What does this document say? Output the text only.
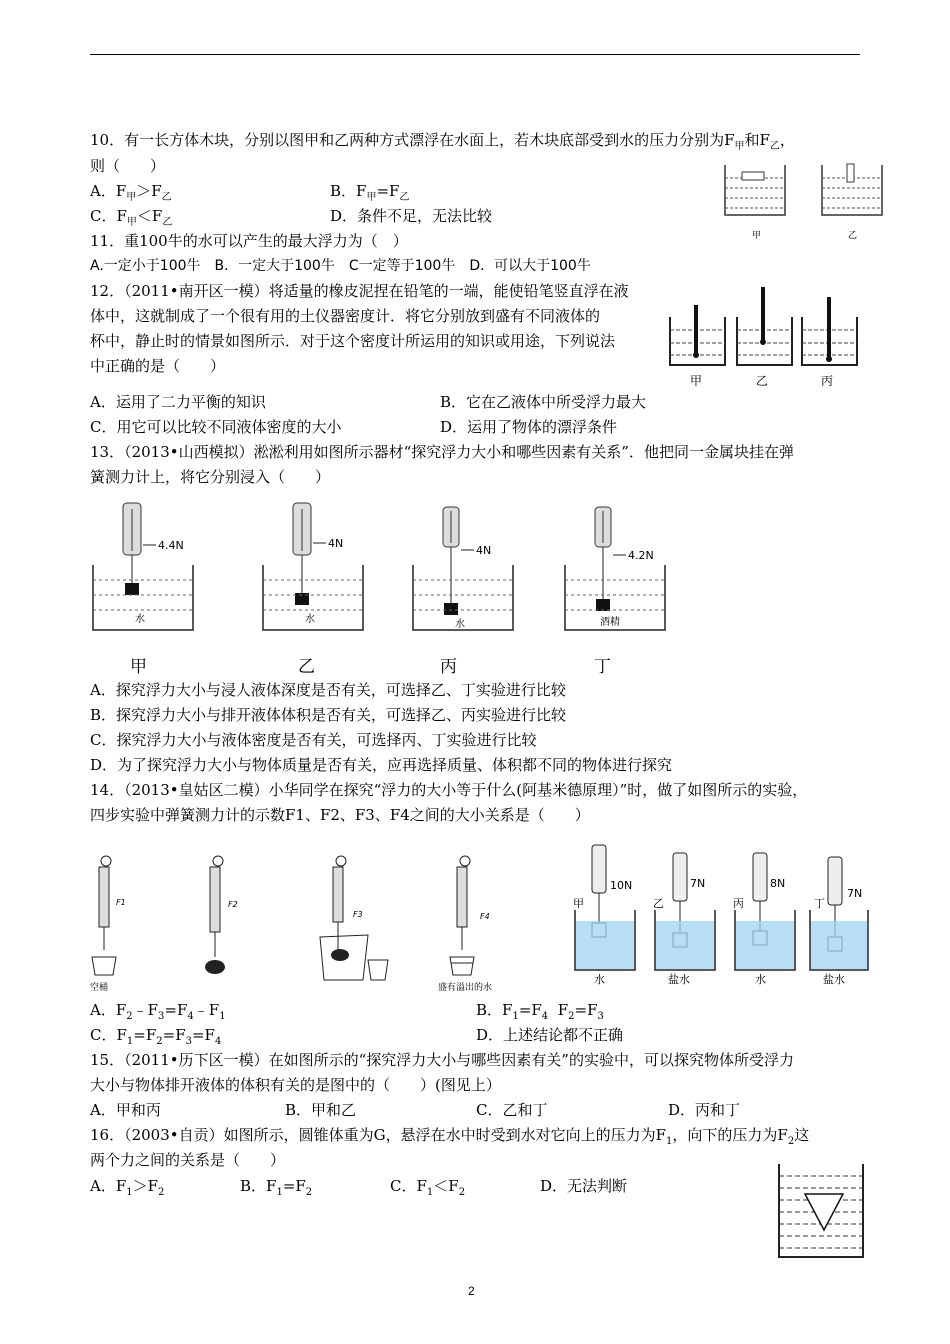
10．有一长方体木块，分别以图甲和乙两种方式漂浮在水面上，若木块底部受到水的压力分别为$F_甲$和$F_乙$，
则（　　）
A．$F_甲>F_乙$	B．$F_甲=F_乙$
C．$F_甲<F_乙$	D．条件不足，无法比较
甲	乙
11．重100牛的水可以产生的最大浮力为（　）
A.一定小于100牛　B．一定大于100牛　C一定等于100牛　D．可以大于100牛
12．（2011•南开区一模）将适量的橡皮泥捏在铅笔的一端，能使铅笔竖直浮在液
体中，这就制成了一个很有用的土仪器密度计．将它分别放到盛有不同液体的
杯中，静止时的情景如图所示．对于这个密度计所运用的知识或用途，下列说法
中正确的是（　　）
甲	乙	丙
A．运用了二力平衡的知识	B．它在乙液体中所受浮力最大
C．用它可以比较不同液体密度的大小	D．运用了物体的漂浮条件
13．（2013•山西模拟）淞淞利用如图所示器材“探究浮力大小和哪些因素有关系”．他把同一金属块挂在弹
簧测力计上，将它分别浸入（　　）
4.4N
水
4N
水
4N
水
4.2N
酒精
甲	乙	丙	丁
A．探究浮力大小与浸人液体深度是否有关，可选择乙、丁实验进行比较
B．探究浮力大小与排开液体体积是否有关，可选择乙、丙实验进行比较
C．探究浮力大小与液体密度是否有关，可选择丙、丁实验进行比较
D．为了探究浮力大小与物体质量是否有关，应再选择质量、体积都不同的物体进行探究
14．（2013•皇姑区二模）小华同学在探究“浮力的大小等于什么(阿基米德原理）”时，做了如图所示的实验，
四步实验中弹簧测力计的示数F1、F2、F3、F4之间的大小关系是（　　）
F1
空桶
F2
F3	F4
盛有溢出的水
10N
甲
水
7N
乙
盐水
8N
丙
水
7N
丁
盐水
A．$F_2﹣F_3=F_4﹣F_1$	B．$F_1=F_4$  $F_2=F_3$
C．$F_1=F_2=F_3=F_4$	D．上述结论都不正确
15．（2011•历下区一模）在如图所示的“探究浮力大小与哪些因素有关”的实验中，可以探究物体所受浮力
大小与物体排开液体的体积有关的是图中的（　　）(图见上）
A．甲和丙	B．甲和乙	C．乙和丁	D．丙和丁
16．（2003•自贡）如图所示，圆锥体重为G，悬浮在水中时受到水对它向上的压力为$F_1$，向下的压力为$F_2$这
两个力之间的关系是（　　）
A．$F_1>F_2$	B．$F_1=F_2$	C．$F_1<F_2$	D．无法判断
2
